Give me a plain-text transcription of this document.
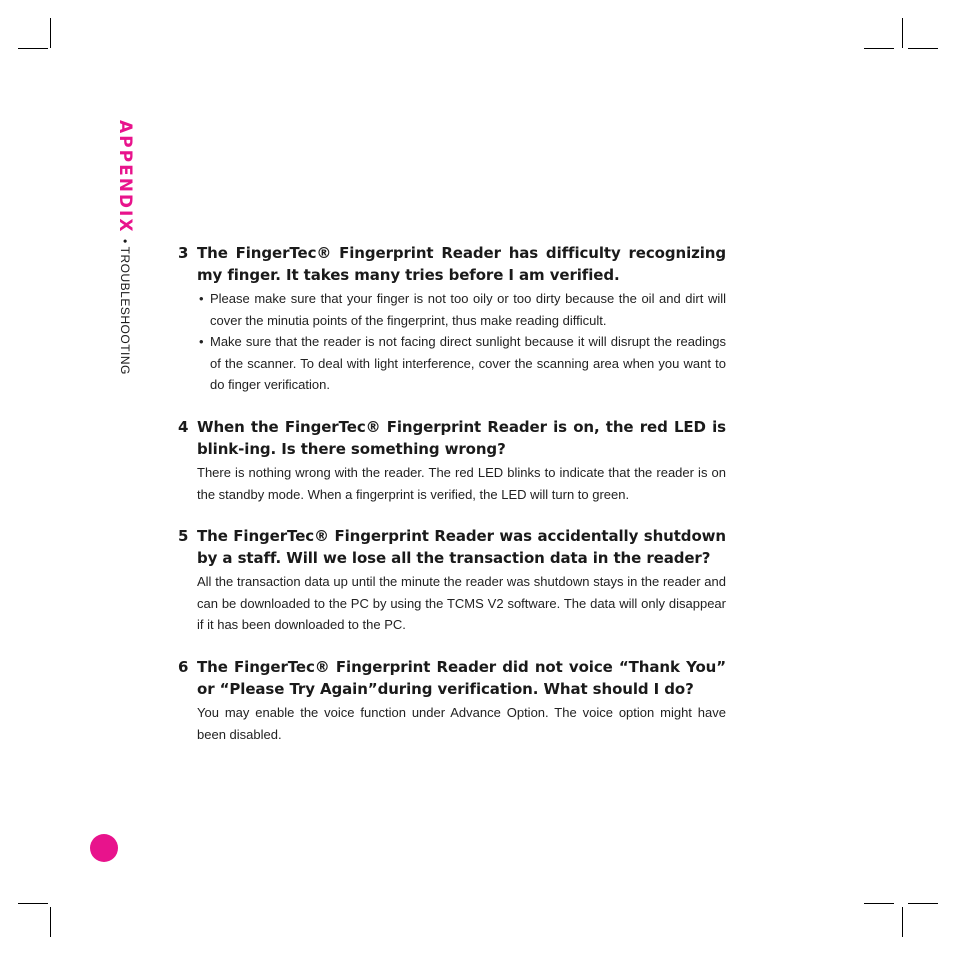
APPENDIX•TROUBLESHOOTING	3 The FingerTec® Fingerprint Reader has difficulty recognizing my finger. It takes many tries before I am verified.
• Please make sure that your finger is not too oily or too dirty because the oil and dirt will cover the minutia points of the fingerprint, thus make reading difficult.
• Make sure that the reader is not facing direct sunlight because it will disrupt the readings of the scanner. To deal with light interference, cover the scanning area when you want to do finger verification.
4 When the FingerTec® Fingerprint Reader is on, the red LED is blink-ing. Is there something wrong?
There is nothing wrong with the reader. The red LED blinks to indicate that the reader is on the standby mode. When a fingerprint is verified, the LED will turn to green.
5 The FingerTec® Fingerprint Reader was accidentally shutdown by a staff. Will we lose all the transaction data in the reader?
All the transaction data up until the minute the reader was shutdown stays in the reader and can be downloaded to the PC by using the TCMS V2 software. The data will only disappear if it has been downloaded to the PC.
6 The FingerTec® Fingerprint Reader did not voice “Thank You” or “Please Try Again”during verification. What should I do?
You may enable the voice function under Advance Option. The voice option might have been disabled.
